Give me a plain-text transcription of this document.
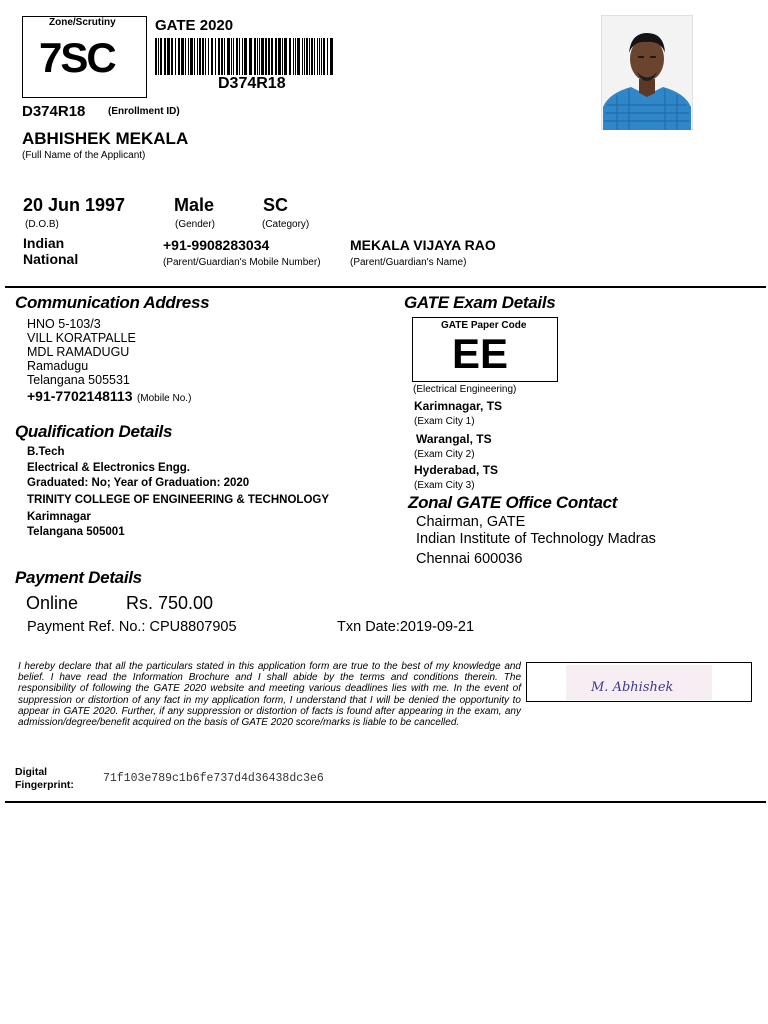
Zone/Scrutiny
7SC
GATE 2020
D374R18
D374R18 (Enrollment ID)
ABHISHEK MEKALA
(Full Name of the Applicant)
20 Jun 1997
(D.O.B)
Male
(Gender)
SC
(Category)
Indian
National
+91-9908283034
(Parent/Guardian's Mobile Number)
MEKALA VIJAYA RAO
(Parent/Guardian's Name)
Communication Address
HNO 5-103/3
VILL KORATPALLE
MDL RAMADUGU
Ramadugu
Telangana 505531
+91-7702148113 (Mobile No.)
Qualification Details
B.Tech
Electrical & Electronics Engg.
Graduated: No; Year of Graduation: 2020
TRINITY COLLEGE OF ENGINEERING & TECHNOLOGY
Karimnagar
Telangana 505001
GATE Exam Details
GATE Paper Code
EE
(Electrical Engineering)
Karimnagar, TS
(Exam City 1)
Warangal, TS
(Exam City 2)
Hyderabad, TS
(Exam City 3)
Zonal GATE Office Contact
Chairman, GATE
Indian Institute of Technology Madras
Chennai 600036
Payment Details
Online	Rs. 750.00
Payment Ref. No.: CPU8807905	Txn Date:2019-09-21
I hereby declare that all the particulars stated in this application form are true to the best of my knowledge and belief. I have read the Information Brochure and I shall abide by the terms and conditions therein. The responsibility of following the GATE 2020 website and meeting various deadlines lies with me. In the event of suppression or distortion of any fact in my application form, I understand that I will be denied the opportunity to appear in GATE 2020. Further, if any suppression or distortion of facts is found after appearing in the exam, any admission/degree/benefit acquired on the basis of GATE 2020 score/marks is liable to be cancelled.
M. Abhishek
Digital
Fingerprint:	71f103e789c1b6fe737d4d36438dc3e6
